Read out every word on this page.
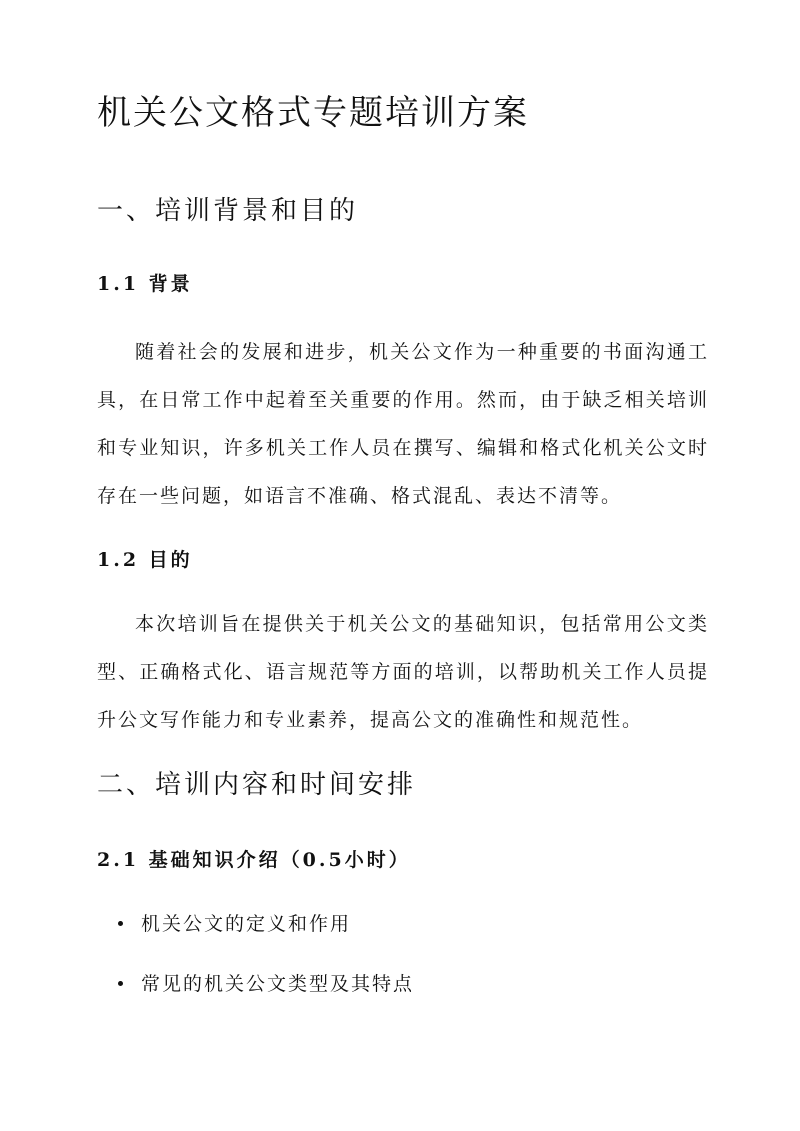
机关公文格式专题培训方案
一、培训背景和目的
1.1 背景

随着社会的发展和进步，机关公文作为一种重要的书面沟通工具，在日常工作中起着至关重要的作用。然而，由于缺乏相关培训和专业知识，许多机关工作人员在撰写、编辑和格式化机关公文时存在一些问题，如语言不准确、格式混乱、表达不清等。

1.2 目的

本次培训旨在提供关于机关公文的基础知识，包括常用公文类型、正确格式化、语言规范等方面的培训，以帮助机关工作人员提升公文写作能力和专业素养，提高公文的准确性和规范性。

二、培训内容和时间安排
2.1 基础知识介绍（0.5小时）
机关公文的定义和作用
常见的机关公文类型及其特点
